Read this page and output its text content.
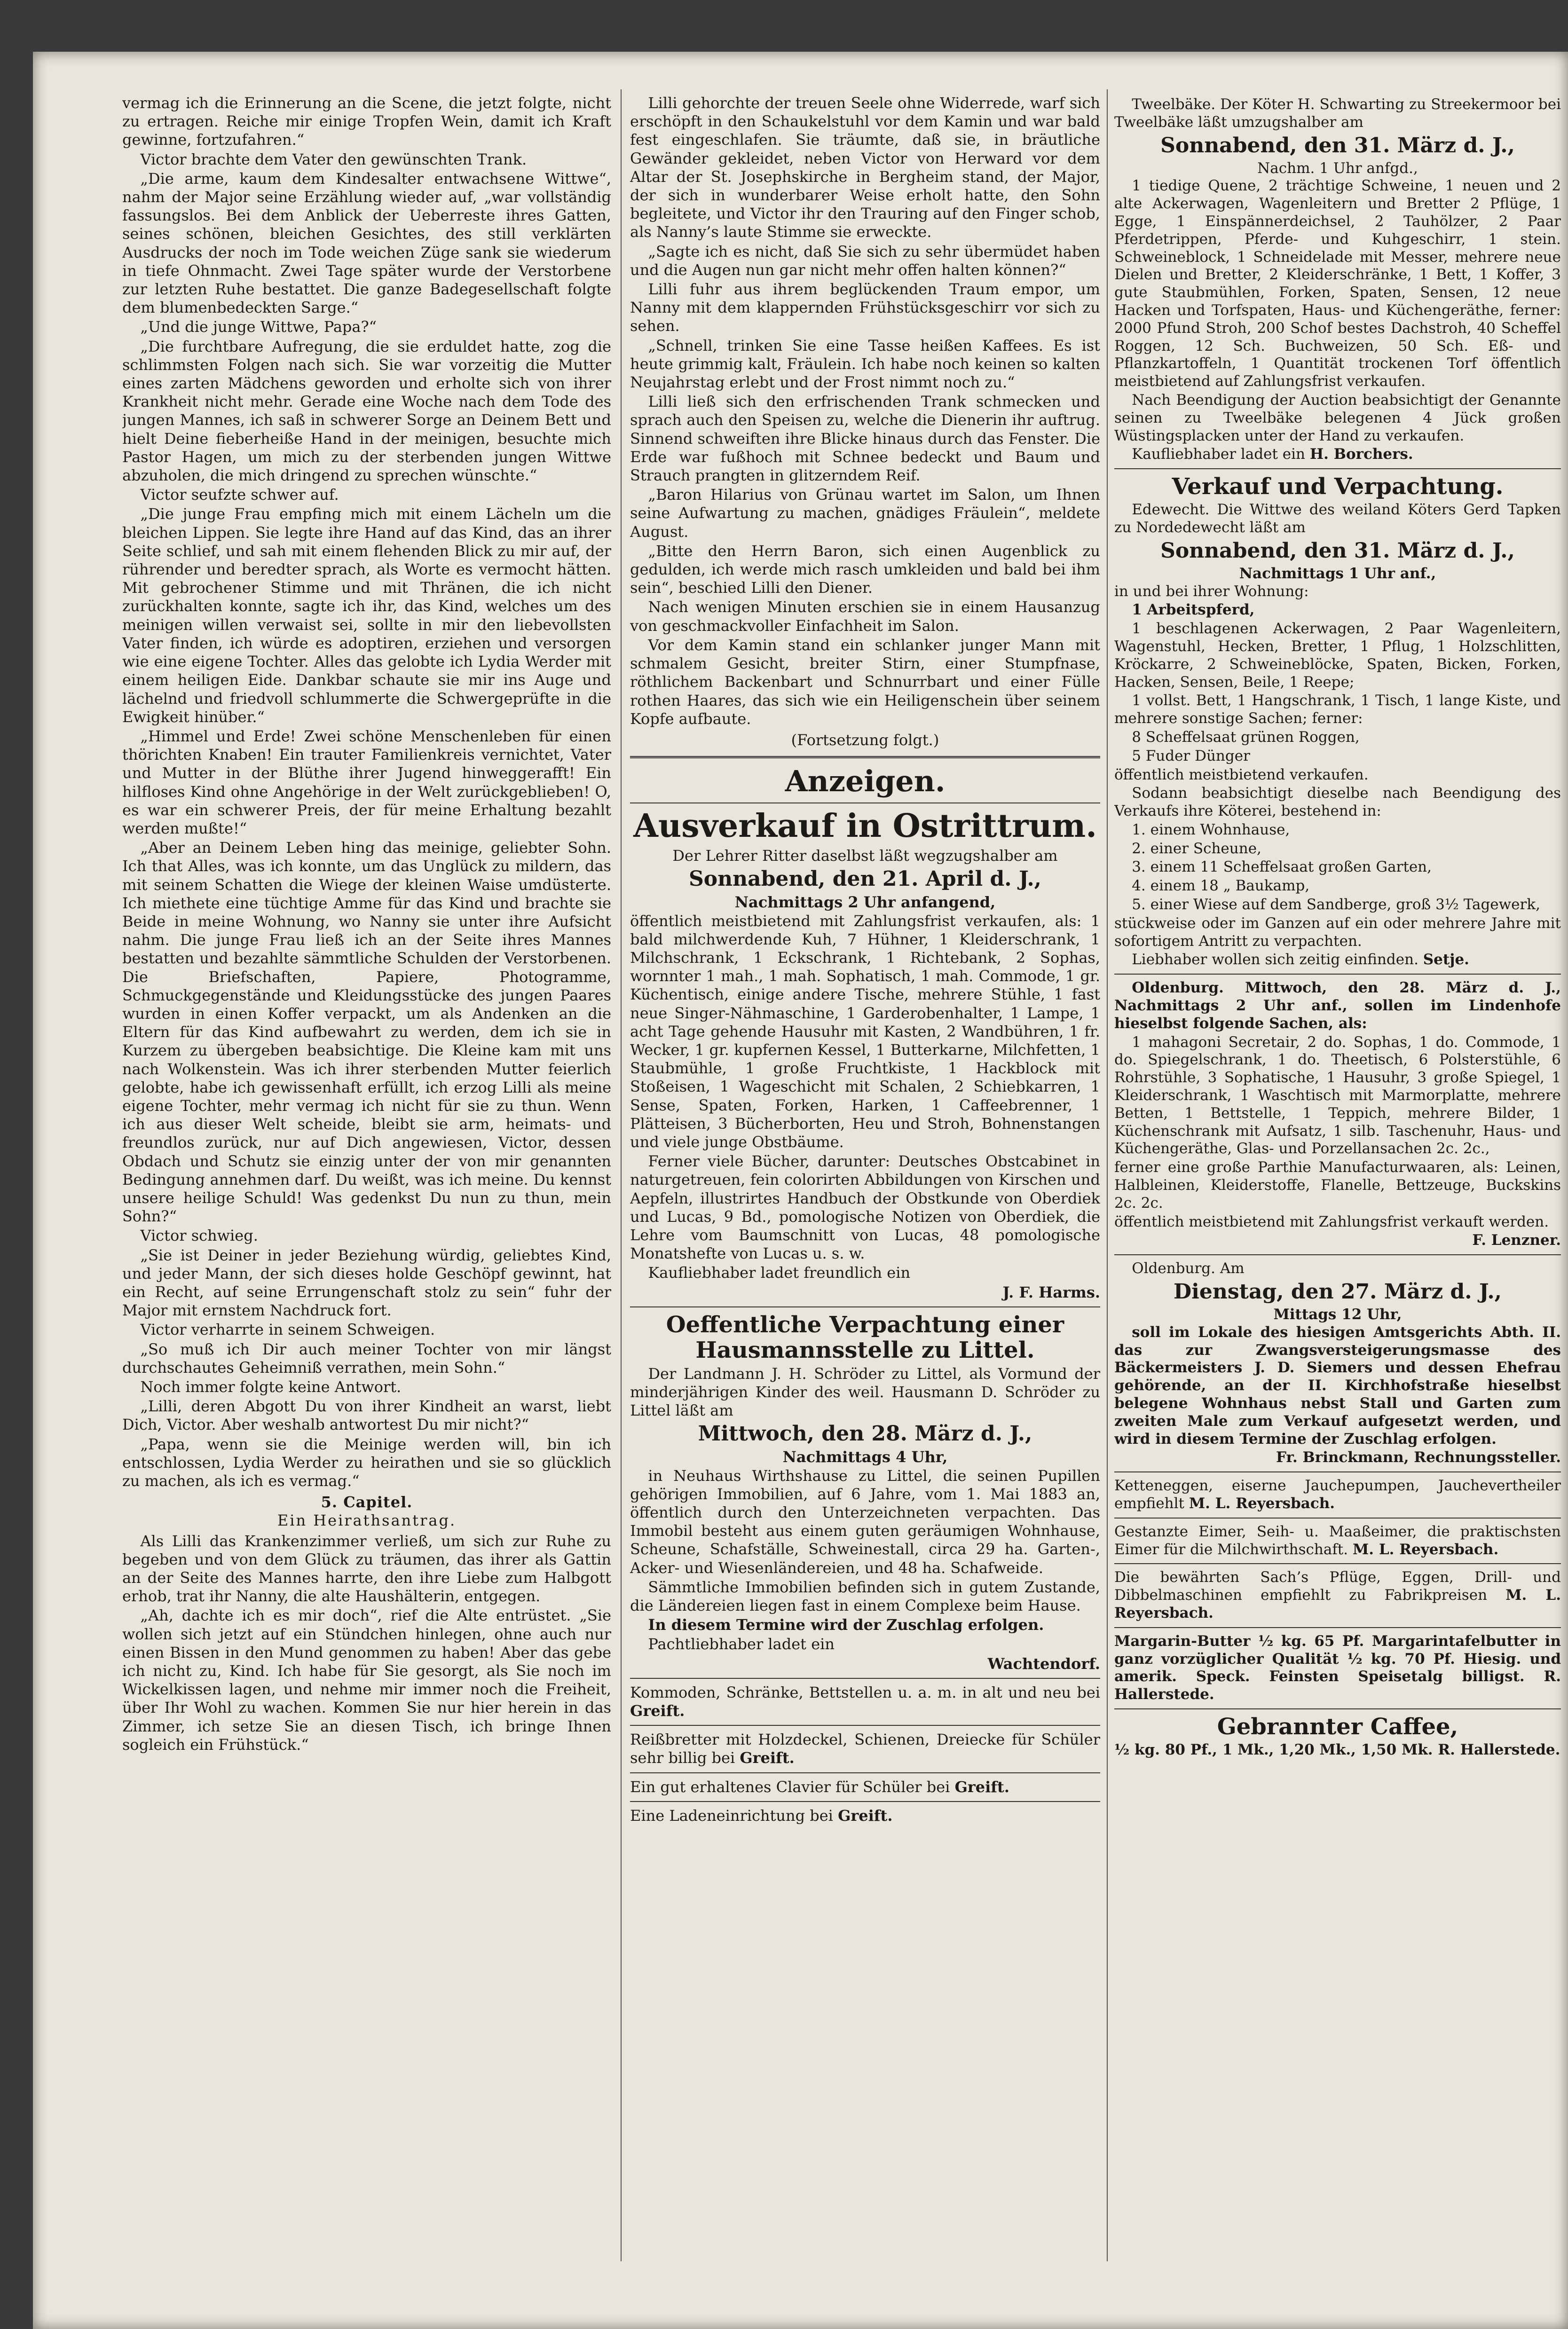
vermag ich die Erinnerung an die Scene, die jetzt folgte, nicht zu ertragen. Reiche mir einige Tropfen Wein, damit ich Kraft gewinne, fortzufahren.“

Victor brachte dem Vater den gewünschten Trank.

„Die arme, kaum dem Kindesalter entwachsene Wittwe“, nahm der Major seine Erzählung wieder auf, „war vollständig fassungslos. Bei dem Anblick der Ueberreste ihres Gatten, seines schönen, bleichen Gesichtes, des still verklärten Ausdrucks der noch im Tode weichen Züge sank sie wiederum in tiefe Ohnmacht. Zwei Tage später wurde der Verstorbene zur letzten Ruhe bestattet. Die ganze Badegesellschaft folgte dem blumenbedeckten Sarge.“

„Und die junge Wittwe, Papa?“

„Die furchtbare Aufregung, die sie erduldet hatte, zog die schlimmsten Folgen nach sich. Sie war vorzeitig die Mutter eines zarten Mädchens geworden und erholte sich von ihrer Krankheit nicht mehr. Gerade eine Woche nach dem Tode des jungen Mannes, ich saß in schwerer Sorge an Deinem Bett und hielt Deine fieberheiße Hand in der meinigen, besuchte mich Pastor Hagen, um mich zu der sterbenden jungen Wittwe abzuholen, die mich dringend zu sprechen wünschte.“

Victor seufzte schwer auf.

„Die junge Frau empfing mich mit einem Lächeln um die bleichen Lippen. Sie legte ihre Hand auf das Kind, das an ihrer Seite schlief, und sah mit einem flehenden Blick zu mir auf, der rührender und beredter sprach, als Worte es vermocht hätten. Mit gebrochener Stimme und mit Thränen, die ich nicht zurückhalten konnte, sagte ich ihr, das Kind, welches um des meinigen willen verwaist sei, sollte in mir den liebevollsten Vater finden, ich würde es adoptiren, erziehen und versorgen wie eine eigene Tochter. Alles das gelobte ich Lydia Werder mit einem heiligen Eide. Dankbar schaute sie mir ins Auge und lächelnd und friedvoll schlummerte die Schwergeprüfte in die Ewigkeit hinüber.“

„Himmel und Erde! Zwei schöne Menschenleben für einen thörichten Knaben! Ein trauter Familienkreis vernichtet, Vater und Mutter in der Blüthe ihrer Jugend hinweggerafft! Ein hilfloses Kind ohne Angehörige in der Welt zurückgeblieben! O, es war ein schwerer Preis, der für meine Erhaltung bezahlt werden mußte!“

„Aber an Deinem Leben hing das meinige, geliebter Sohn. Ich that Alles, was ich konnte, um das Unglück zu mildern, das mit seinem Schatten die Wiege der kleinen Waise umdüsterte. Ich miethete eine tüchtige Amme für das Kind und brachte sie Beide in meine Wohnung, wo Nanny sie unter ihre Aufsicht nahm. Die junge Frau ließ ich an der Seite ihres Mannes bestatten und bezahlte sämmtliche Schulden der Verstorbenen. Die Briefschaften, Papiere, Photogramme, Schmuckgegenstände und Kleidungsstücke des jungen Paares wurden in einen Koffer verpackt, um als Andenken an die Eltern für das Kind aufbewahrt zu werden, dem ich sie in Kurzem zu übergeben beabsichtige. Die Kleine kam mit uns nach Wolkenstein. Was ich ihrer sterbenden Mutter feierlich gelobte, habe ich gewissenhaft erfüllt, ich erzog Lilli als meine eigene Tochter, mehr vermag ich nicht für sie zu thun. Wenn ich aus dieser Welt scheide, bleibt sie arm, heimats- und freundlos zurück, nur auf Dich angewiesen, Victor, dessen Obdach und Schutz sie einzig unter der von mir genannten Bedingung annehmen darf. Du weißt, was ich meine. Du kennst unsere heilige Schuld! Was gedenkst Du nun zu thun, mein Sohn?“

Victor schwieg.

„Sie ist Deiner in jeder Beziehung würdig, geliebtes Kind, und jeder Mann, der sich dieses holde Geschöpf gewinnt, hat ein Recht, auf seine Errungenschaft stolz zu sein“ fuhr der Major mit ernstem Nachdruck fort.

Victor verharrte in seinem Schweigen.

„So muß ich Dir auch meiner Tochter von mir längst durchschautes Geheimniß verrathen, mein Sohn.“

Noch immer folgte keine Antwort.

„Lilli, deren Abgott Du von ihrer Kindheit an warst, liebt Dich, Victor. Aber weshalb antwortest Du mir nicht?“

„Papa, wenn sie die Meinige werden will, bin ich entschlossen, Lydia Werder zu heirathen und sie so glücklich zu machen, als ich es vermag.“

5. Capitel.
Ein Heirathsantrag.

Als Lilli das Krankenzimmer verließ, um sich zur Ruhe zu begeben und von dem Glück zu träumen, das ihrer als Gattin an der Seite des Mannes harrte, den ihre Liebe zum Halbgott erhob, trat ihr Nanny, die alte Haushälterin, entgegen.

„Ah, dachte ich es mir doch“, rief die Alte entrüstet. „Sie wollen sich jetzt auf ein Stündchen hinlegen, ohne auch nur einen Bissen in den Mund genommen zu haben! Aber das gebe ich nicht zu, Kind. Ich habe für Sie gesorgt, als Sie noch im Wickelkissen lagen, und nehme mir immer noch die Freiheit, über Ihr Wohl zu wachen. Kommen Sie nur hier herein in das Zimmer, ich setze Sie an diesen Tisch, ich bringe Ihnen sogleich ein Frühstück.“

Lilli gehorchte der treuen Seele ohne Widerrede, warf sich erschöpft in den Schaukelstuhl vor dem Kamin und war bald fest eingeschlafen. Sie träumte, daß sie, in bräutliche Gewänder gekleidet, neben Victor von Herward vor dem Altar der St. Josephskirche in Bergheim stand, der Major, der sich in wunderbarer Weise erholt hatte, den Sohn begleitete, und Victor ihr den Trauring auf den Finger schob, als Nanny’s laute Stimme sie erweckte.

„Sagte ich es nicht, daß Sie sich zu sehr übermüdet haben und die Augen nun gar nicht mehr offen halten können?“

Lilli fuhr aus ihrem beglückenden Traum empor, um Nanny mit dem klappernden Frühstücksgeschirr vor sich zu sehen.

„Schnell, trinken Sie eine Tasse heißen Kaffees. Es ist heute grimmig kalt, Fräulein. Ich habe noch keinen so kalten Neujahrstag erlebt und der Frost nimmt noch zu.“

Lilli ließ sich den erfrischenden Trank schmecken und sprach auch den Speisen zu, welche die Dienerin ihr auftrug. Sinnend schweiften ihre Blicke hinaus durch das Fenster. Die Erde war fußhoch mit Schnee bedeckt und Baum und Strauch prangten in glitzerndem Reif.

„Baron Hilarius von Grünau wartet im Salon, um Ihnen seine Aufwartung zu machen, gnädiges Fräulein“, meldete August.

„Bitte den Herrn Baron, sich einen Augenblick zu gedulden, ich werde mich rasch umkleiden und bald bei ihm sein“, beschied Lilli den Diener.

Nach wenigen Minuten erschien sie in einem Hausanzug von geschmackvoller Einfachheit im Salon.

Vor dem Kamin stand ein schlanker junger Mann mit schmalem Gesicht, breiter Stirn, einer Stumpfnase, röthlichem Backenbart und Schnurrbart und einer Fülle rothen Haares, das sich wie ein Heiligenschein über seinem Kopfe aufbaute.

(Fortsetzung folgt.)
Anzeigen.
Ausverkauf in Ostrittrum.

Der Lehrer Ritter daselbst läßt wegzugshalber am

Sonnabend, den 21. April d. J.,
Nachmittags 2 Uhr anfangend,

öffentlich meistbietend mit Zahlungsfrist verkaufen, als: 1 bald milchwerdende Kuh, 7 Hühner, 1 Kleiderschrank, 1 Milchschrank, 1 Eckschrank, 1 Richtebank, 2 Sophas, wornnter 1 mah., 1 mah. Sophatisch, 1 mah. Commode, 1 gr. Küchentisch, einige andere Tische, mehrere Stühle, 1 fast neue Singer-Nähmaschine, 1 Garderobenhalter, 1 Lampe, 1 acht Tage gehende Hausuhr mit Kasten, 2 Wandbühren, 1 fr. Wecker, 1 gr. kupfernen Kessel, 1 Butterkarne, Milchfetten, 1 Staubmühle, 1 große Fruchtkiste, 1 Hackblock mit Stoßeisen, 1 Wageschicht mit Schalen, 2 Schiebkarren, 1 Sense, Spaten, Forken, Harken, 1 Caffeebrenner, 1 Plätteisen, 3 Bücherborten, Heu und Stroh, Bohnenstangen und viele junge Obstbäume.

Ferner viele Bücher, darunter: Deutsches Obstcabinet in naturgetreuen, fein colorirten Abbildungen von Kirschen und Aepfeln, illustrirtes Handbuch der Obstkunde von Oberdiek und Lucas, 9 Bd., pomologische Notizen von Oberdiek, die Lehre vom Baumschnitt von Lucas, 48 pomologische Monatshefte von Lucas u. s. w.

Kaufliebhaber ladet freundlich ein

J. F. Harms.
Oeffentliche Verpachtung einer Hausmannsstelle zu Littel.

Der Landmann J. H. Schröder zu Littel, als Vormund der minderjährigen Kinder des weil. Hausmann D. Schröder zu Littel läßt am

Mittwoch, den 28. März d. J.,
Nachmittags 4 Uhr,

in Neuhaus Wirthshause zu Littel, die seinen Pupillen gehörigen Immobilien, auf 6 Jahre, vom 1. Mai 1883 an, öffentlich durch den Unterzeichneten verpachten. Das Immobil besteht aus einem guten geräumigen Wohnhause, Scheune, Schafställe, Schweinestall, circa 29 ha. Garten-, Acker- und Wiesenländereien, und 48 ha. Schafweide.

Sämmtliche Immobilien befinden sich in gutem Zustande, die Ländereien liegen fast in einem Complexe beim Hause.

In diesem Termine wird der Zuschlag erfolgen.

Pachtliebhaber ladet ein

Wachtendorf.

Kommoden, Schränke, Bettstellen u. a. m. in alt und neu bei Greift.

Reißbretter mit Holzdeckel, Schienen, Dreiecke für Schüler sehr billig bei Greift.

Ein gut erhaltenes Clavier für Schüler bei Greift.

Eine Ladeneinrichtung bei Greift.

Tweelbäke. Der Köter H. Schwarting zu Streekermoor bei Tweelbäke läßt umzugshalber am

Sonnabend, den 31. März d. J.,
Nachm. 1 Uhr anfgd.,

1 tiedige Quene, 2 trächtige Schweine, 1 neuen und 2 alte Ackerwagen, Wagenleitern und Bretter 2 Pflüge, 1 Egge, 1 Einspännerdeichsel, 2 Tauhölzer, 2 Paar Pferdetrippen, Pferde- und Kuhgeschirr, 1 stein. Schweineblock, 1 Schneidelade mit Messer, mehrere neue Dielen und Bretter, 2 Kleiderschränke, 1 Bett, 1 Koffer, 3 gute Staubmühlen, Forken, Spaten, Sensen, 12 neue Hacken und Torfspaten, Haus- und Küchengeräthe, ferner: 2000 Pfund Stroh, 200 Schof bestes Dachstroh, 40 Scheffel Roggen, 12 Sch. Buchweizen, 50 Sch. Eß- und Pflanzkartoffeln, 1 Quantität trockenen Torf öffentlich meistbietend auf Zahlungsfrist verkaufen.

Nach Beendigung der Auction beabsichtigt der Genannte seinen zu Tweelbäke belegenen 4 Jück großen Wüstingsplacken unter der Hand zu verkaufen.

Kaufliebhaber ladet ein H. Borchers.

Verkauf und Verpachtung.

Edewecht. Die Wittwe des weiland Köters Gerd Tapken zu Nordedewecht läßt am

Sonnabend, den 31. März d. J.,
Nachmittags 1 Uhr anf.,

in und bei ihrer Wohnung:

1 Arbeitspferd,

1 beschlagenen Ackerwagen, 2 Paar Wagenleitern, Wagenstuhl, Hecken, Bretter, 1 Pflug, 1 Holzschlitten, Kröckarre, 2 Schweineblöcke, Spaten, Bicken, Forken, Hacken, Sensen, Beile, 1 Reepe;

1 vollst. Bett, 1 Hangschrank, 1 Tisch, 1 lange Kiste, und mehrere sonstige Sachen; ferner:

8 Scheffelsaat grünen Roggen,

5 Fuder Dünger

öffentlich meistbietend verkaufen.

Sodann beabsichtigt dieselbe nach Beendigung des Verkaufs ihre Köterei, bestehend in:

1. einem Wohnhause,

2. einer Scheune,

3. einem 11 Scheffelsaat großen Garten,

4. einem 18 „ Baukamp,

5. einer Wiese auf dem Sandberge, groß 3½ Tagewerk,

stückweise oder im Ganzen auf ein oder mehrere Jahre mit sofortigem Antritt zu verpachten.

Liebhaber wollen sich zeitig einfinden. Setje.

Oldenburg. Mittwoch, den 28. März d. J., Nachmittags 2 Uhr anf., sollen im Lindenhofe hieselbst folgende Sachen, als:

1 mahagoni Secretair, 2 do. Sophas, 1 do. Commode, 1 do. Spiegelschrank, 1 do. Theetisch, 6 Polsterstühle, 6 Rohrstühle, 3 Sophatische, 1 Hausuhr, 3 große Spiegel, 1 Kleiderschrank, 1 Waschtisch mit Marmorplatte, mehrere Betten, 1 Bettstelle, 1 Teppich, mehrere Bilder, 1 Küchenschrank mit Aufsatz, 1 silb. Taschenuhr, Haus- und Küchengeräthe, Glas- und Porzellansachen 2c. 2c.,

ferner eine große Parthie Manufacturwaaren, als: Leinen, Halbleinen, Kleiderstoffe, Flanelle, Bettzeuge, Buckskins 2c. 2c.

öffentlich meistbietend mit Zahlungsfrist verkauft werden.

F. Lenzner.

Oldenburg. Am

Dienstag, den 27. März d. J.,
Mittags 12 Uhr,

soll im Lokale des hiesigen Amtsgerichts Abth. II. das zur Zwangsversteigerungsmasse des Bäckermeisters J. D. Siemers und dessen Ehefrau gehörende, an der II. Kirchhofstraße hieselbst belegene Wohnhaus nebst Stall und Garten zum zweiten Male zum Verkauf aufgesetzt werden, und wird in diesem Termine der Zuschlag erfolgen.

Fr. Brinckmann, Rechnungssteller.

Ketteneggen, eiserne Jauchepumpen, Jauchevertheiler empfiehlt M. L. Reyersbach.

Gestanzte Eimer, Seih- u. Maaßeimer, die praktischsten Eimer für die Milchwirthschaft. M. L. Reyersbach.

Die bewährten Sach’s Pflüge, Eggen, Drill- und Dibbelmaschinen empfiehlt zu Fabrikpreisen M. L. Reyersbach.

Margarin-Butter ½ kg. 65 Pf. Margarintafelbutter in ganz vorzüglicher Qualität ½ kg. 70 Pf. Hiesig. und amerik. Speck. Feinsten Speisetalg billigst. R. Hallerstede.

Gebrannter Caffee,

½ kg. 80 Pf., 1 Mk., 1,20 Mk., 1,50 Mk. R. Hallerstede.
